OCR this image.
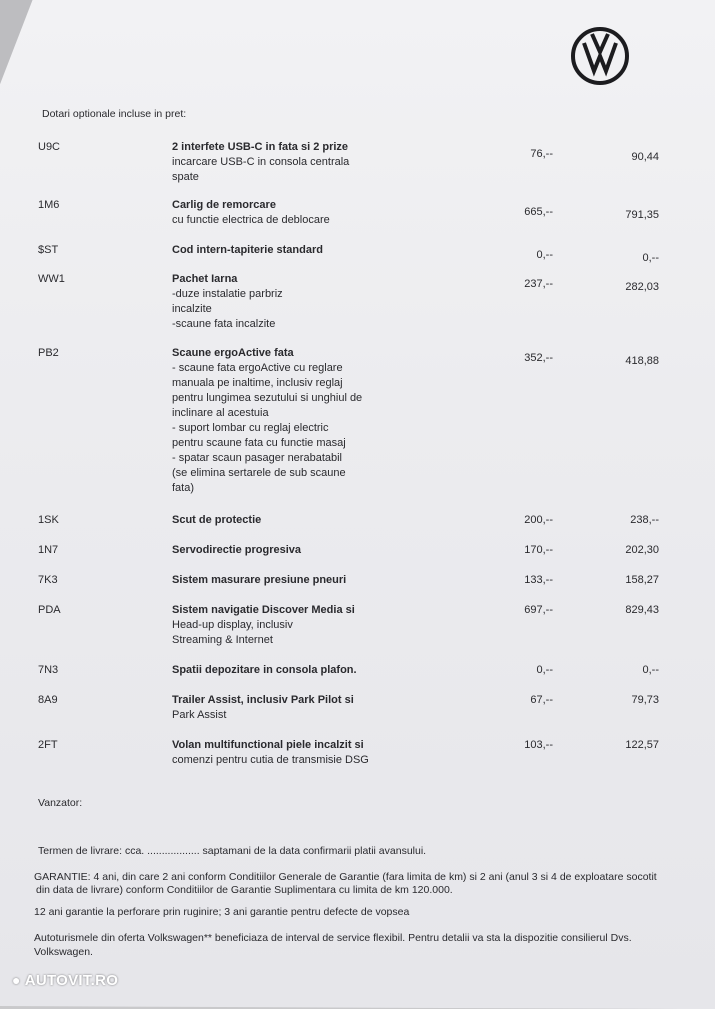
Dotari optionale incluse in pret:
U9C	2 interfete USB-C in fata si 2 prize
incarcare USB-C in consola centrala
spate
76,--	90,44
1M6	Carlig de remorcare
cu functie electrica de deblocare
665,--	791,35
$ST	Cod intern-tapiterie standard	0,--	0,--
WW1	Pachet Iarna
-duze instalatie parbriz
incalzite
-scaune fata incalzite
237,--	282,03
PB2	Scaune ergoActive fata
- scaune fata ergoActive cu reglare
manuala pe inaltime, inclusiv reglaj
pentru lungimea sezutului si unghiul de
inclinare al acestuia
- suport lombar cu reglaj electric
pentru scaune fata cu functie masaj
- spatar scaun pasager nerabatabil
(se elimina sertarele de sub scaune
fata)
352,--	418,88
1SK	Scut de protectie	200,--	238,--
1N7	Servodirectie progresiva	170,--	202,30
7K3	Sistem masurare presiune pneuri	133,--	158,27
PDA	Sistem navigatie Discover Media si
Head-up display, inclusiv
Streaming & Internet
697,--	829,43
7N3	Spatii depozitare in consola plafon.	0,--	0,--
8A9	Trailer Assist, inclusiv Park Pilot si
Park Assist
67,--	79,73
2FT	Volan multifunctional piele incalzit si
comenzi pentru cutia de transmisie DSG
103,--	122,57
Vanzator:
Termen de livrare: cca. .................. saptamani de la data confirmarii platii avansului.
GARANTIE: 4 ani, din care 2 ani conform Conditiilor Generale de Garantie (fara limita de km) si 2 ani (anul 3 si 4 de exploatare socotit
din data de livrare) conform Conditiilor de Garantie Suplimentara cu limita de km 120.000.
12 ani garantie la perforare prin ruginire; 3 ani garantie pentru defecte de vopsea
Autoturismele din oferta Volkswagen** beneficiaza de interval de service flexibil. Pentru detalii va sta la dispozitie consilierul Dvs.
Volkswagen.
● AUTOVIT.RO
